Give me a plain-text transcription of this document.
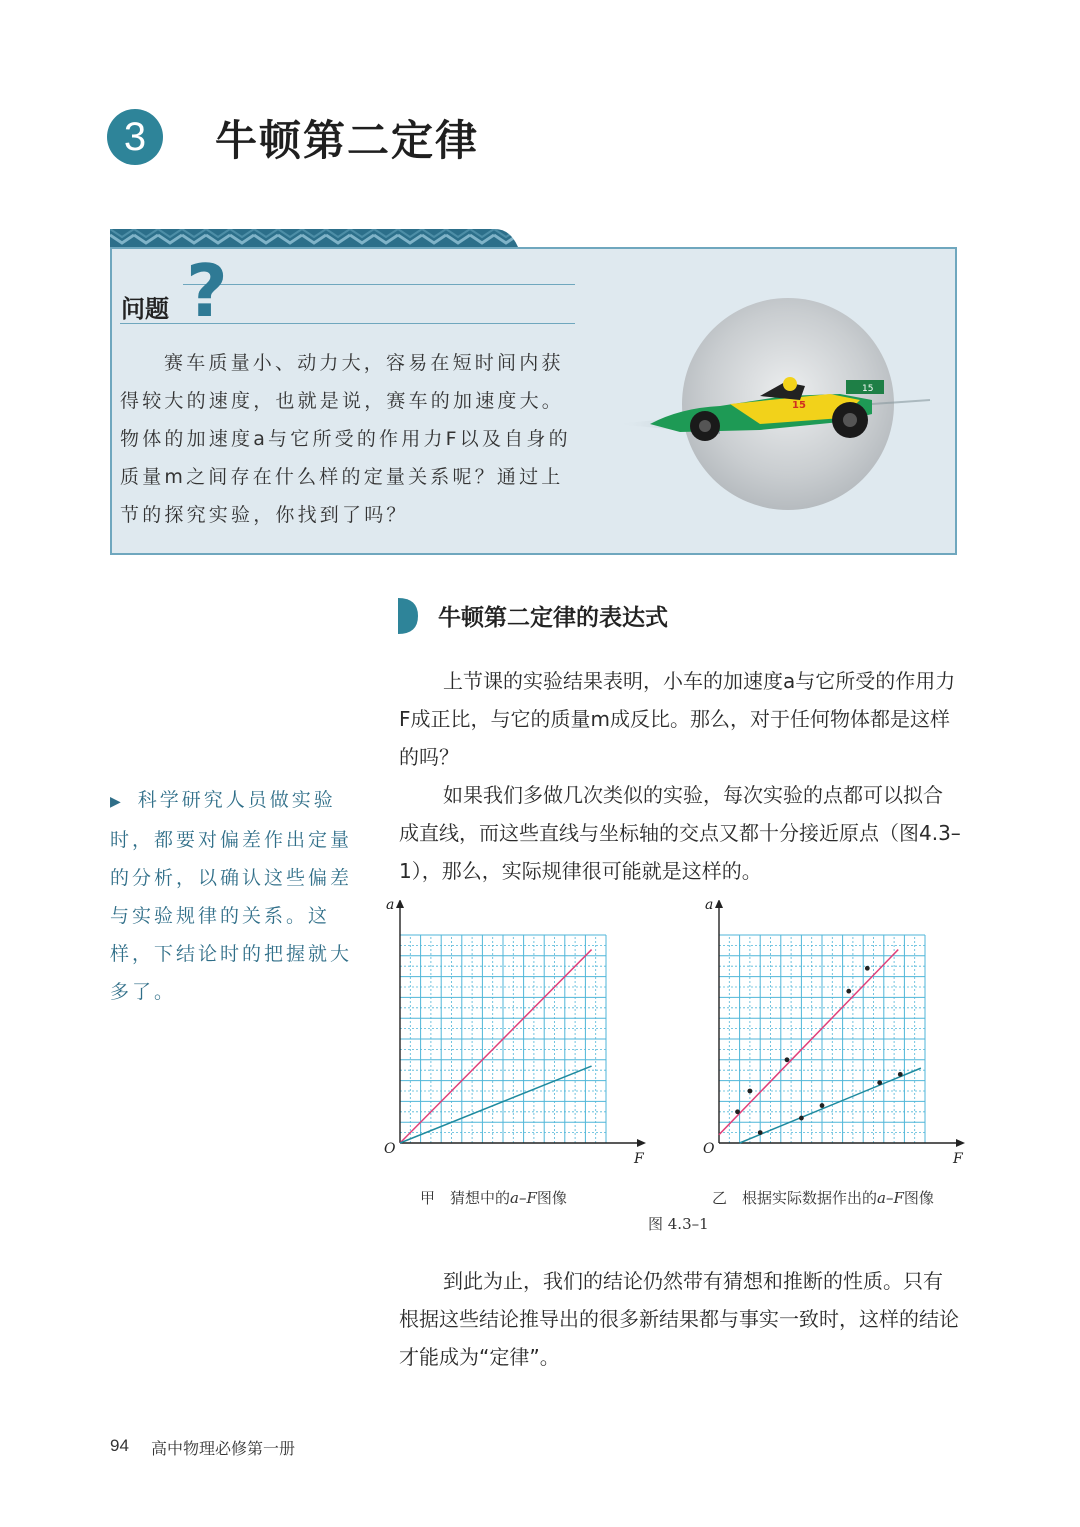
3	牛顿第二定律
问题 ?
赛车质量小、动力大，容易在短时间内获得较大的速度，也就是说，赛车的加速度大。物体的加速度a与它所受的作用力F以及自身的质量m之间存在什么样的定量关系呢？通过上节的探究实验，你找到了吗？
15
15
牛顿第二定律的表达式
上节课的实验结果表明，小车的加速度a与它所受的作用力F成正比，与它的质量m成反比。那么，对于任何物体都是这样的吗？
如果我们多做几次类似的实验，每次实验的点都可以拟合成直线，而这些直线与坐标轴的交点又都十分接近原点（图4.3–1），那么，实际规律很可能就是这样的。
到此为止，我们的结论仍然带有猜想和推断的性质。只有根据这些结论推导出的很多新结果都与事实一致时，这样的结论才能成为“定律”。
▶ 科学研究人员做实验时，都要对偏差作出定量的分析，以确认这些偏差与实验规律的关系。这样，下结论时的把握就大多了。
F
a
O
F
a
O
甲　猜想中的a–F图像	乙　根据实际数据作出的a–F图像
图 4.3–1
94 高中物理必修第一册
